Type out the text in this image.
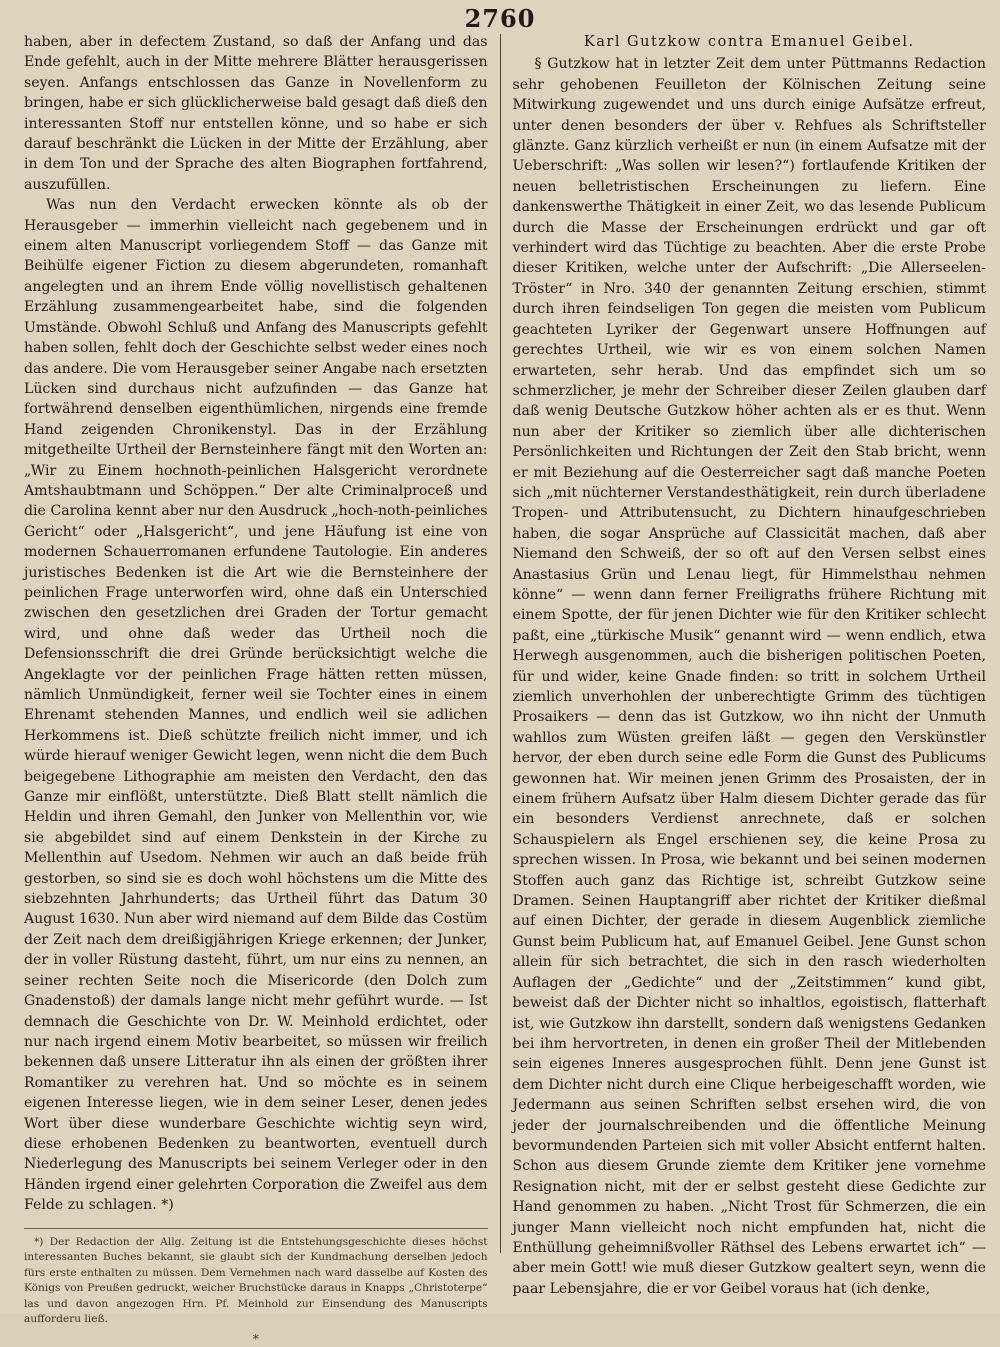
2760

haben, aber in defectem Zustand, so daß der Anfang und das Ende gefehlt, auch in der Mitte mehrere Blätter herausgerissen seyen. Anfangs entschlossen das Ganze in Novellenform zu bringen, habe er sich glücklicherweise bald gesagt daß dieß den interessanten Stoff nur entstellen könne, und so habe er sich darauf beschränkt die Lücken in der Mitte der Erzählung, aber in dem Ton und der Sprache des alten Biographen fortfahrend, auszufüllen.

Was nun den Verdacht erwecken könnte als ob der Herausgeber — immerhin vielleicht nach gegebenem und in einem alten Manuscript vorliegendem Stoff — das Ganze mit Beihülfe eigener Fiction zu diesem abgerundeten, romanhaft angelegten und an ihrem Ende völlig novellistisch gehaltenen Erzählung zusammengearbeitet habe, sind die folgenden Umstände. Obwohl Schluß und Anfang des Manuscripts gefehlt haben sollen, fehlt doch der Geschichte selbst weder eines noch das andere. Die vom Herausgeber seiner Angabe nach ersetzten Lücken sind durchaus nicht aufzufinden — das Ganze hat fortwährend denselben eigenthümlichen, nirgends eine fremde Hand zeigenden Chronikenstyl. Das in der Erzählung mitgetheilte Urtheil der Bernsteinhere fängt mit den Worten an: „Wir zu Einem hochnoth-peinlichen Halsgericht verordnete Amtshaubtmann und Schöppen.“ Der alte Criminalproceß und die Carolina kennt aber nur den Ausdruck „hoch-noth-peinliches Gericht“ oder „Halsgericht“, und jene Häufung ist eine von modernen Schauerromanen erfundene Tautologie. Ein anderes juristisches Bedenken ist die Art wie die Bernsteinhere der peinlichen Frage unterworfen wird, ohne daß ein Unterschied zwischen den gesetzlichen drei Graden der Tortur gemacht wird, und ohne daß weder das Urtheil noch die Defensionsschrift die drei Gründe berücksichtigt welche die Angeklagte vor der peinlichen Frage hätten retten müssen, nämlich Unmündigkeit, ferner weil sie Tochter eines in einem Ehrenamt stehenden Mannes, und endlich weil sie adlichen Herkommens ist. Dieß schützte freilich nicht immer, und ich würde hierauf weniger Gewicht legen, wenn nicht die dem Buch beigegebene Lithographie am meisten den Verdacht, den das Ganze mir einflößt, unterstützte. Dieß Blatt stellt nämlich die Heldin und ihren Gemahl, den Junker von Mellenthin vor, wie sie abgebildet sind auf einem Denkstein in der Kirche zu Mellenthin auf Usedom. Nehmen wir auch an daß beide früh gestorben, so sind sie es doch wohl höchstens um die Mitte des siebzehnten Jahrhunderts; das Urtheil führt das Datum 30 August 1630. Nun aber wird niemand auf dem Bilde das Costüm der Zeit nach dem dreißigjährigen Kriege erkennen; der Junker, der in voller Rüstung dasteht, führt, um nur eins zu nennen, an seiner rechten Seite noch die Misericorde (den Dolch zum Gnadenstoß) der damals lange nicht mehr geführt wurde. — Ist demnach die Geschichte von Dr. W. Meinhold erdichtet, oder nur nach irgend einem Motiv bearbeitet, so müssen wir freilich bekennen daß unsere Litteratur ihn als einen der größten ihrer Romantiker zu verehren hat. Und so möchte es in seinem eigenen Interesse liegen, wie in dem seiner Leser, denen jedes Wort über diese wunderbare Geschichte wichtig seyn wird, diese erhobenen Bedenken zu beantworten, eventuell durch Niederlegung des Manuscripts bei seinem Verleger oder in den Händen irgend einer gelehrten Corporation die Zweifel aus dem Felde zu schlagen. *)

*) Der Redaction der Allg. Zeitung ist die Entstehungsgeschichte dieses höchst interessanten Buches bekannt, sie glaubt sich der Kundmachung derselben jedoch fürs erste enthalten zu müssen. Dem Vernehmen nach ward dasselbe auf Kosten des Königs von Preußen gedruckt, welcher Bruchstücke daraus in Knapps „Christoterpe“ las und davon angezogen Hrn. Pf. Meinhold zur Einsendung des Manuscripts aufforderu ließ.

*
Karl Gutzkow contra Emanuel Geibel.

§ Gutzkow hat in letzter Zeit dem unter Püttmanns Redaction sehr gehobenen Feuilleton der Kölnischen Zeitung seine Mitwirkung zugewendet und uns durch einige Aufsätze erfreut, unter denen besonders der über v. Rehfues als Schriftsteller glänzte. Ganz kürzlich verheißt er nun (in einem Aufsatze mit der Ueberschrift: „Was sollen wir lesen?“) fortlaufende Kritiken der neuen belletristischen Erscheinungen zu liefern. Eine dankenswerthe Thätigkeit in einer Zeit, wo das lesende Publicum durch die Masse der Erscheinungen erdrückt und gar oft verhindert wird das Tüchtige zu beachten. Aber die erste Probe dieser Kritiken, welche unter der Aufschrift: „Die Allerseelen-Tröster“ in Nro. 340 der genannten Zeitung erschien, stimmt durch ihren feindseligen Ton gegen die meisten vom Publicum geachteten Lyriker der Gegenwart unsere Hoffnungen auf gerechtes Urtheil, wie wir es von einem solchen Namen erwarteten, sehr herab. Und das empfindet sich um so schmerzlicher, je mehr der Schreiber dieser Zeilen glauben darf daß wenig Deutsche Gutzkow höher achten als er es thut. Wenn nun aber der Kritiker so ziemlich über alle dichterischen Persönlichkeiten und Richtungen der Zeit den Stab bricht, wenn er mit Beziehung auf die Oesterreicher sagt daß manche Poeten sich „mit nüchterner Verstandesthätigkeit, rein durch überladene Tropen- und Attributensucht, zu Dichtern hinaufgeschrieben haben, die sogar Ansprüche auf Classicität machen, daß aber Niemand den Schweiß, der so oft auf den Versen selbst eines Anastasius Grün und Lenau liegt, für Himmelsthau nehmen könne“ — wenn dann ferner Freiligraths frühere Richtung mit einem Spotte, der für jenen Dichter wie für den Kritiker schlecht paßt, eine „türkische Musik“ genannt wird — wenn endlich, etwa Herwegh ausgenommen, auch die bisherigen politischen Poeten, für und wider, keine Gnade finden: so tritt in solchem Urtheil ziemlich unverhohlen der unberechtigte Grimm des tüchtigen Prosaikers — denn das ist Gutzkow, wo ihn nicht der Unmuth wahllos zum Wüsten greifen läßt — gegen den Verskünstler hervor, der eben durch seine edle Form die Gunst des Publicums gewonnen hat. Wir meinen jenen Grimm des Prosaisten, der in einem frühern Aufsatz über Halm diesem Dichter gerade das für ein besonders Verdienst anrechnete, daß er solchen Schauspielern als Engel erschienen sey, die keine Prosa zu sprechen wissen. In Prosa, wie bekannt und bei seinen modernen Stoffen auch ganz das Richtige ist, schreibt Gutzkow seine Dramen. Seinen Hauptangriff aber richtet der Kritiker dießmal auf einen Dichter, der gerade in diesem Augenblick ziemliche Gunst beim Publicum hat, auf Emanuel Geibel. Jene Gunst schon allein für sich betrachtet, die sich in den rasch wiederholten Auflagen der „Gedichte“ und der „Zeitstimmen“ kund gibt, beweist daß der Dichter nicht so inhaltlos, egoistisch, flatterhaft ist, wie Gutzkow ihn darstellt, sondern daß wenigstens Gedanken bei ihm hervortreten, in denen ein großer Theil der Mitlebenden sein eigenes Inneres ausgesprochen fühlt. Denn jene Gunst ist dem Dichter nicht durch eine Clique herbeigeschafft worden, wie Jedermann aus seinen Schriften selbst ersehen wird, die von jeder der journalschreibenden und die öffentliche Meinung bevormundenden Parteien sich mit voller Absicht entfernt halten. Schon aus diesem Grunde ziemte dem Kritiker jene vornehme Resignation nicht, mit der er selbst gesteht diese Gedichte zur Hand genommen zu haben. „Nicht Trost für Schmerzen, die ein junger Mann vielleicht noch nicht empfunden hat, nicht die Enthüllung geheimnißvoller Räthsel des Lebens erwartet ich“ — aber mein Gott! wie muß dieser Gutzkow gealtert seyn, wenn die paar Lebensjahre, die er vor Geibel voraus hat (ich denke,
